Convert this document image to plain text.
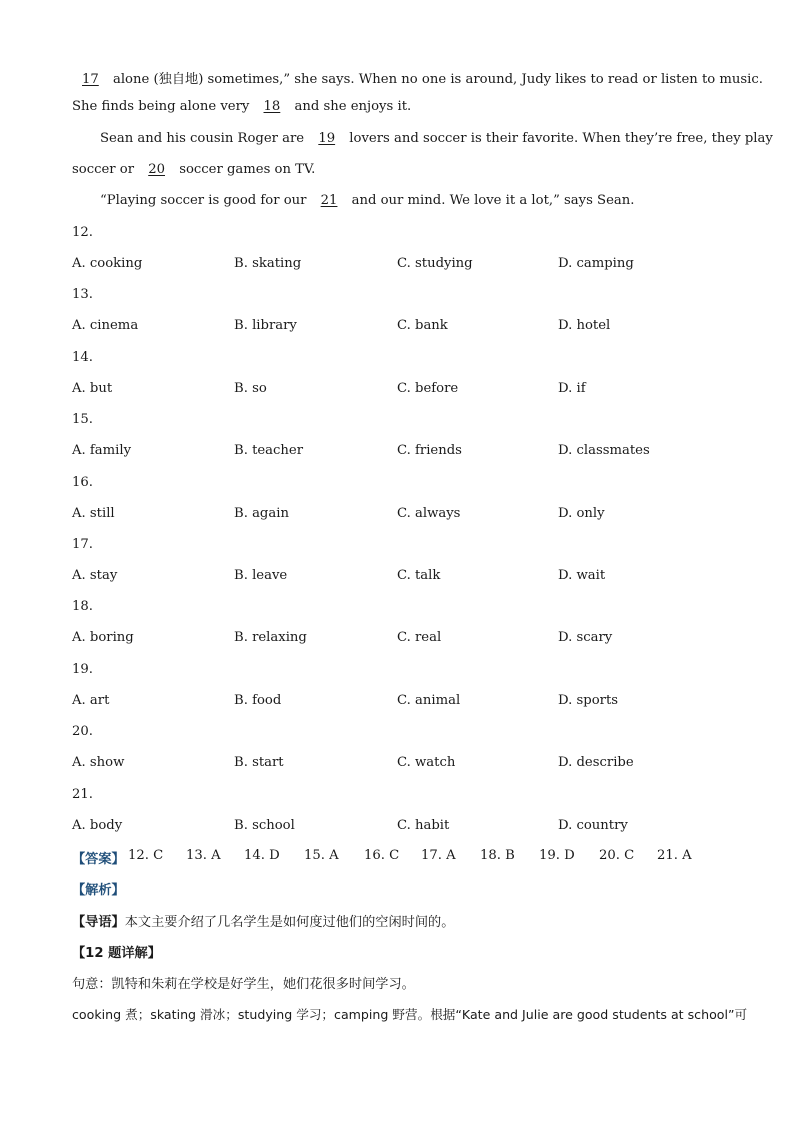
17 alone (独自地) sometimes,” she says. When no one is around, Judy likes to read or listen to music.
She finds being alone very 18 and she enjoys it.
Sean and his cousin Roger are 19 lovers and soccer is their favorite. When they’re free, they play
soccer or 20 soccer games on TV.
“Playing soccer is good for our 21 and our mind. We love it a lot,” says Sean.
12.
A. cooking	B. skating	C. studying	D. camping
13.
A. cinema	B. library	C. bank	D. hotel
14.
A. but	B. so	C. before	D. if
15.
A. family	B. teacher	C. friends	D. classmates
16.
A. still	B. again	C. always	D. only
17.
A. stay	B. leave	C. talk	D. wait
18.
A. boring	B. relaxing	C. real	D. scary
19.
A. art	B. food	C. animal	D. sports
20.
A. show	B. start	C. watch	D. describe
21.
A. body	B. school	C. habit	D. country
【答案】 12. C 13. A 14. D 15. A 16. C 17. A 18. B 19. D 20. C 21. A
【解析】
【导语】本文主要介绍了几名学生是如何度过他们的空闲时间的。
【12 题详解】
句意：凯特和朱莉在学校是好学生，她们花很多时间学习。
cooking 煮；skating 滑冰；studying 学习；camping 野营。根据“Kate and Julie are good students at school”可
